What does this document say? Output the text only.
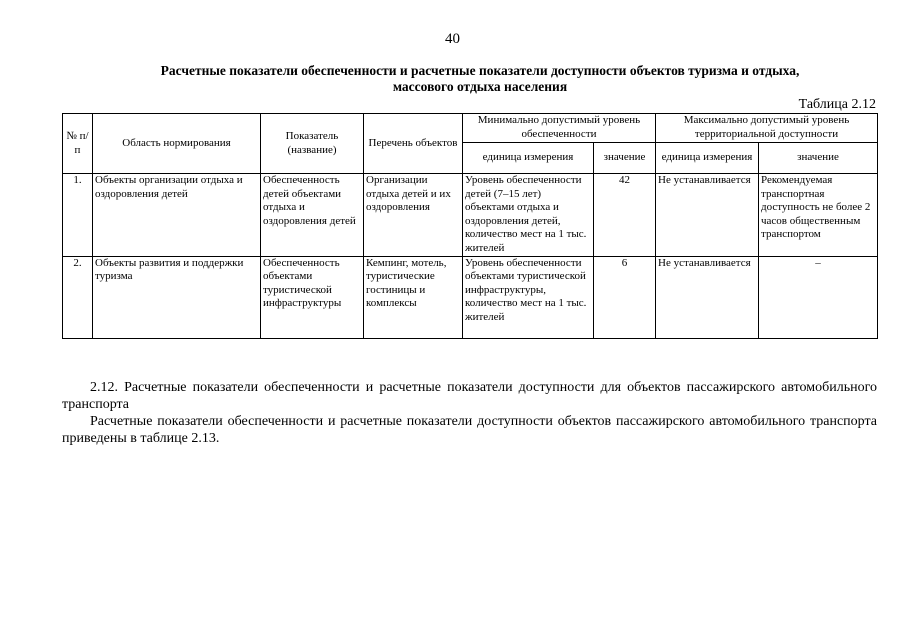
40
Расчетные показатели обеспеченности и расчетные показатели доступности объектов туризма и отдыха,
массового отдыха населения
Таблица 2.12
№ п/п	Область нормирования	Показатель (название)	Перечень объектов	Минимально допустимый уровень обеспеченности		Максимально допустимый уровень территориальной доступности	
				единица измерения	значение	единица измерения	значение
1.	Объекты организации отдыха и оздоровления детей	Обеспеченность детей объектами отдыха и оздоровления детей	Организации отдыха детей и их оздоровления	Уровень обеспеченности детей (7–15 лет) объектами отдыха и оздоровления детей, количество мест на 1 тыс. жителей	42	Не устанавливается	Рекомендуемая транспортная доступность не более 2 часов общественным транспортом
2.	Объекты развития и поддержки туризма	Обеспеченность объектами туристической инфраструктуры	Кемпинг, мотель, туристические гостиницы и комплексы	Уровень обеспеченности объектами туристической инфраструктуры, количество мест на 1 тыс. жителей	6	Не устанавливается	–

2.12. Расчетные показатели обеспеченности и расчетные показатели доступности для объектов пассажирского автомобильного транспорта

Расчетные показатели обеспеченности и расчетные показатели доступности объектов пассажирского автомобильного транспорта приведены в таблице 2.13.
